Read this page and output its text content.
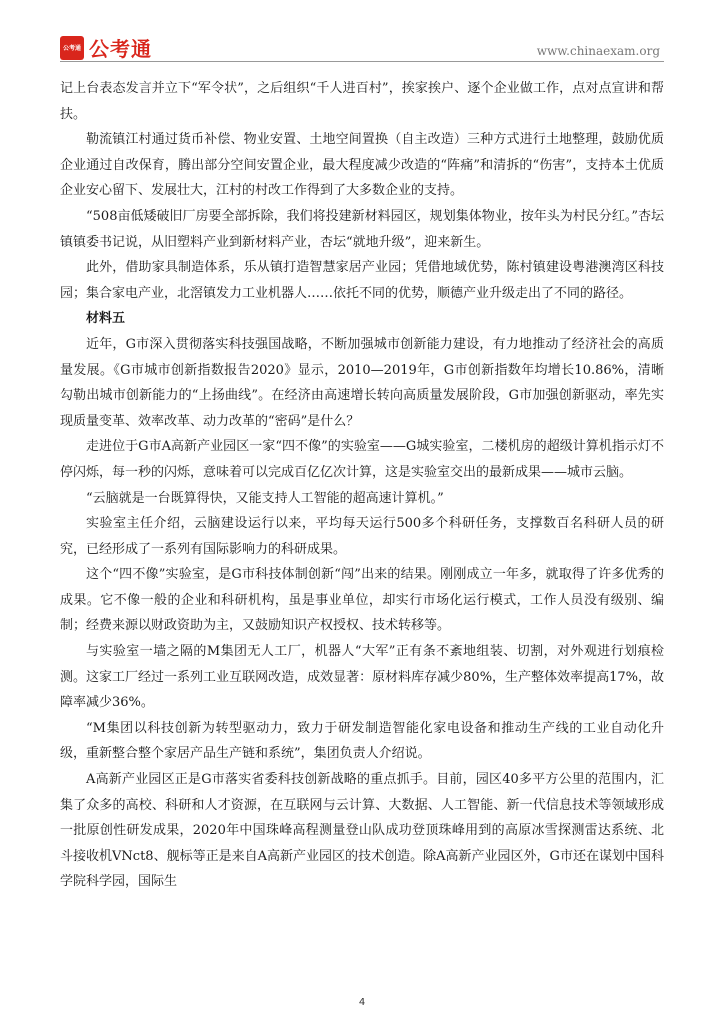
公考通 公考通	www.chinaexam.org

记上台表态发言并立下“军令状”，之后组织“千人进百村”，挨家挨户、逐个企业做工作，点对点宣讲和帮扶。

勒流镇江村通过货币补偿、物业安置、土地空间置换（自主改造）三种方式进行土地整理，鼓励优质企业通过自改保育，腾出部分空间安置企业，最大程度减少改造的“阵痛”和清拆的“伤害”，支持本土优质企业安心留下、发展壮大，江村的村改工作得到了大多数企业的支持。

“508亩低矮破旧厂房要全部拆除，我们将投建新材料园区，规划集体物业，按年头为村民分红。”杏坛镇镇委书记说，从旧塑料产业到新材料产业，杏坛“就地升级”，迎来新生。

此外，借助家具制造体系，乐从镇打造智慧家居产业园；凭借地域优势，陈村镇建设粤港澳湾区科技园；集合家电产业，北滘镇发力工业机器人……依托不同的优势，顺德产业升级走出了不同的路径。

材料五

近年，G市深入贯彻落实科技强国战略，不断加强城市创新能力建设，有力地推动了经济社会的高质量发展。《G市城市创新指数报告2020》显示，2010—2019年，G市创新指数年均增长10.86%，清晰勾勒出城市创新能力的“上扬曲线”。在经济由高速增长转向高质量发展阶段，G市加强创新驱动，率先实现质量变革、效率改革、动力改革的“密码”是什么？

走进位于G市A高新产业园区一家“四不像”的实验室——G城实验室，二楼机房的超级计算机指示灯不停闪烁，每一秒的闪烁，意味着可以完成百亿亿次计算，这是实验室交出的最新成果——城市云脑。

“云脑就是一台既算得快，又能支持人工智能的超高速计算机。”

实验室主任介绍，云脑建设运行以来，平均每天运行500多个科研任务，支撑数百名科研人员的研究，已经形成了一系列有国际影响力的科研成果。

这个“四不像”实验室，是G市科技体制创新“闯”出来的结果。刚刚成立一年多，就取得了许多优秀的成果。它不像一般的企业和科研机构，虽是事业单位，却实行市场化运行模式，工作人员没有级别、编制；经费来源以财政资助为主，又鼓励知识产权授权、技术转移等。

与实验室一墙之隔的M集团无人工厂，机器人“大军”正有条不紊地组装、切割，对外观进行划痕检测。这家工厂经过一系列工业互联网改造，成效显著：原材料库存减少80%，生产整体效率提高17%，故障率减少36%。

“M集团以科技创新为转型驱动力，致力于研发制造智能化家电设备和推动生产线的工业自动化升级，重新整合整个家居产品生产链和系统”，集团负责人介绍说。

A高新产业园区正是G市落实省委科技创新战略的重点抓手。目前，园区40多平方公里的范围内，汇集了众多的高校、科研和人才资源，在互联网与云计算、大数据、人工智能、新一代信息技术等领域形成一批原创性研发成果，2020年中国珠峰高程测量登山队成功登顶珠峰用到的高原冰雪探测雷达系统、北斗接收机VNct8、舰标等正是来自A高新产业园区的技术创造。除A高新产业园区外，G市还在谋划中国科学院科学园，国际生

4
